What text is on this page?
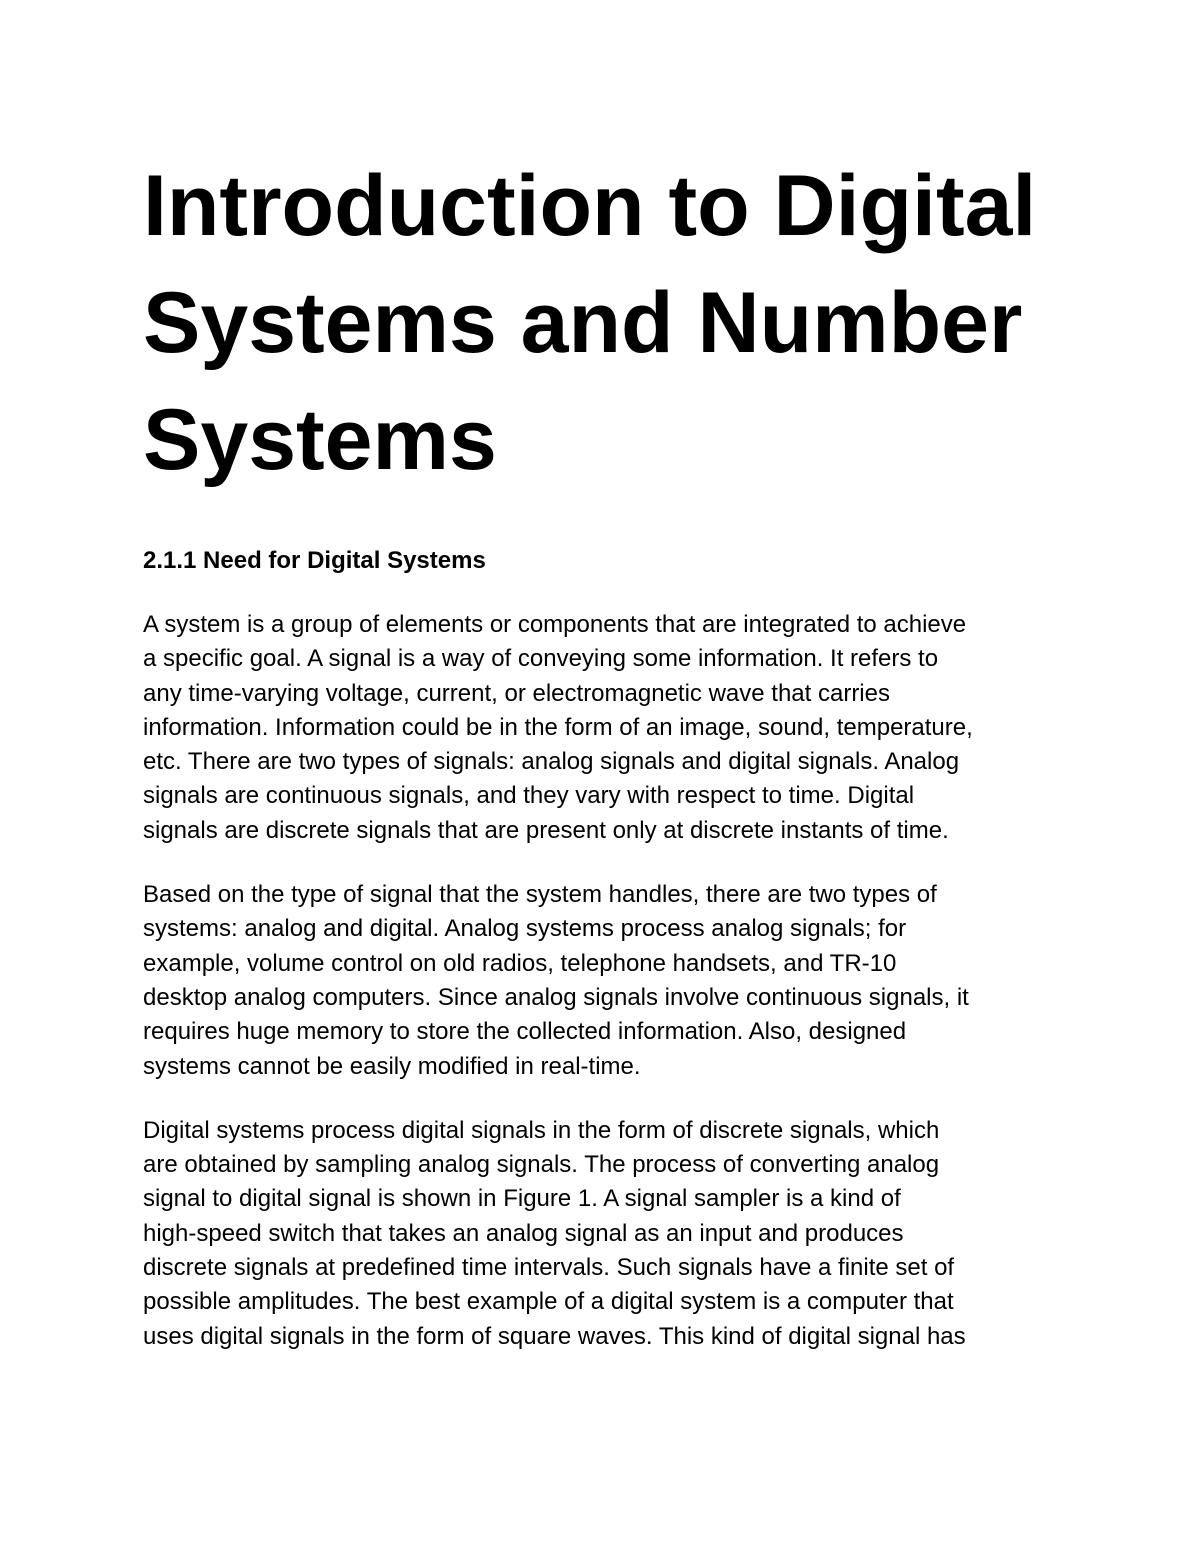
Introduction to Digital
Systems and Number
Systems
2.1.1 Need for Digital Systems

A system is a group of elements or components that are integrated to achieve
a specific goal. A signal is a way of conveying some information. It refers to
any time-varying voltage, current, or electromagnetic wave that carries
information. Information could be in the form of an image, sound, temperature,
etc. There are two types of signals: analog signals and digital signals. Analog
signals are continuous signals, and they vary with respect to time. Digital
signals are discrete signals that are present only at discrete instants of time.

Based on the type of signal that the system handles, there are two types of
systems: analog and digital. Analog systems process analog signals; for
example, volume control on old radios, telephone handsets, and TR-10
desktop analog computers. Since analog signals involve continuous signals, it
requires huge memory to store the collected information. Also, designed
systems cannot be easily modified in real-time.

Digital systems process digital signals in the form of discrete signals, which
are obtained by sampling analog signals. The process of converting analog
signal to digital signal is shown in Figure 1. A signal sampler is a kind of
high-speed switch that takes an analog signal as an input and produces
discrete signals at predefined time intervals. Such signals have a finite set of
possible amplitudes. The best example of a digital system is a computer that
uses digital signals in the form of square waves. This kind of digital signal has
